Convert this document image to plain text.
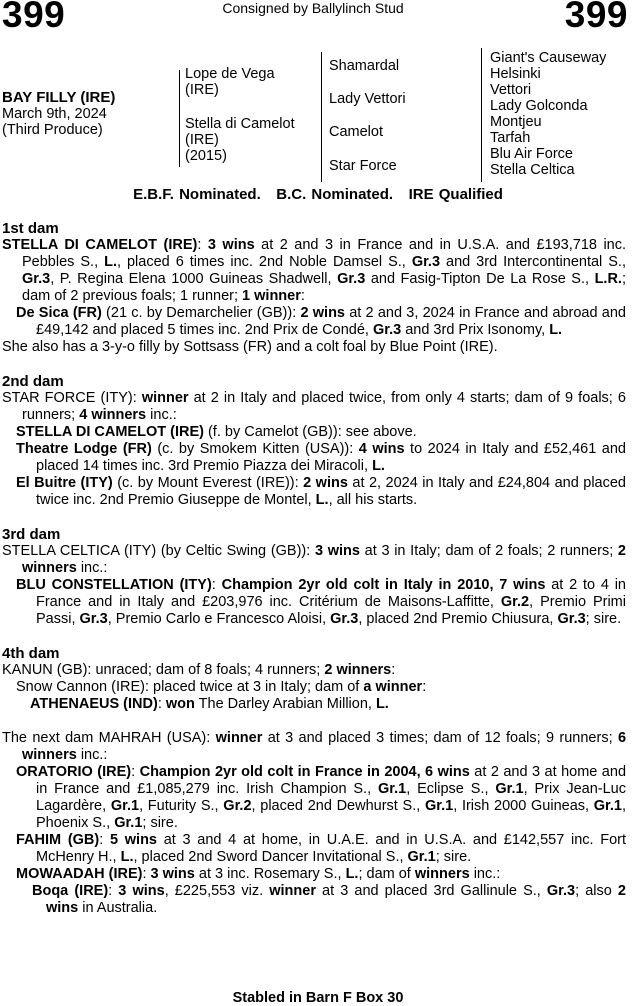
399	Consigned by Ballylinch Stud	399
BAY FILLY (IRE)
March 9th, 2024
(Third Produce)
Lope de Vega
(IRE)
Stella di Camelot
(IRE)
(2015)
Shamardal
Lady Vettori
Camelot
Star Force
Giant's Causeway
Helsinki
Vettori
Lady Golconda
Montjeu
Tarfah
Blu Air Force
Stella Celtica
E.B.F. Nominated.   B.C. Nominated.   IRE Qualified
1st dam

STELLA DI CAMELOT (IRE): 3 wins at 2 and 3 in France and in U.S.A. and £193,718 inc. Pebbles S., L., placed 6 times inc. 2nd Noble Damsel S., Gr.3 and 3rd Intercontinental S., Gr.3, P. Regina Elena 1000 Guineas Shadwell, Gr.3 and Fasig-Tipton De La Rose S., L.R.; dam of 2 previous foals; 1 runner; 1 winner:

De Sica (FR) (21 c. by Demarchelier (GB)): 2 wins at 2 and 3, 2024 in France and abroad and £49,142 and placed 5 times inc. 2nd Prix de Condé, Gr.3 and 3rd Prix Isonomy, L.

She also has a 3-y-o filly by Sottsass (FR) and a colt foal by Blue Point (IRE).

2nd dam

STAR FORCE (ITY): winner at 2 in Italy and placed twice, from only 4 starts; dam of 9 foals; 6 runners; 4 winners inc.:

STELLA DI CAMELOT (IRE) (f. by Camelot (GB)): see above.

Theatre Lodge (FR) (c. by Smokem Kitten (USA)): 4 wins to 2024 in Italy and £52,461 and placed 14 times inc. 3rd Premio Piazza dei Miracoli, L.

El Buitre (ITY) (c. by Mount Everest (IRE)): 2 wins at 2, 2024 in Italy and £24,804 and placed twice inc. 2nd Premio Giuseppe de Montel, L., all his starts.

3rd dam

STELLA CELTICA (ITY) (by Celtic Swing (GB)): 3 wins at 3 in Italy; dam of 2 foals; 2 runners; 2 winners inc.:

BLU CONSTELLATION (ITY): Champion 2yr old colt in Italy in 2010, 7 wins at 2 to 4 in France and in Italy and £203,976 inc. Critérium de Maisons-Laffitte, Gr.2, Premio Primi Passi, Gr.3, Premio Carlo e Francesco Aloisi, Gr.3, placed 2nd Premio Chiusura, Gr.3; sire.

4th dam

KANUN (GB): unraced; dam of 8 foals; 4 runners; 2 winners:

Snow Cannon (IRE): placed twice at 3 in Italy; dam of a winner:

ATHENAEUS (IND): won The Darley Arabian Million, L.

The next dam MAHRAH (USA): winner at 3 and placed 3 times; dam of 12 foals; 9 runners; 6 winners inc.:

ORATORIO (IRE): Champion 2yr old colt in France in 2004, 6 wins at 2 and 3 at home and in France and £1,085,279 inc. Irish Champion S., Gr.1, Eclipse S., Gr.1, Prix Jean-Luc Lagardère, Gr.1, Futurity S., Gr.2, placed 2nd Dewhurst S., Gr.1, Irish 2000 Guineas, Gr.1, Phoenix S., Gr.1; sire.

FAHIM (GB): 5 wins at 3 and 4 at home, in U.A.E. and in U.S.A. and £142,557 inc. Fort McHenry H., L., placed 2nd Sword Dancer Invitational S., Gr.1; sire.

MOWAADAH (IRE): 3 wins at 3 inc. Rosemary S., L.; dam of winners inc.:

Boqa (IRE): 3 wins, £225,553 viz. winner at 3 and placed 3rd Gallinule S., Gr.3; also 2 wins in Australia.

Stabled in Barn F Box 30
